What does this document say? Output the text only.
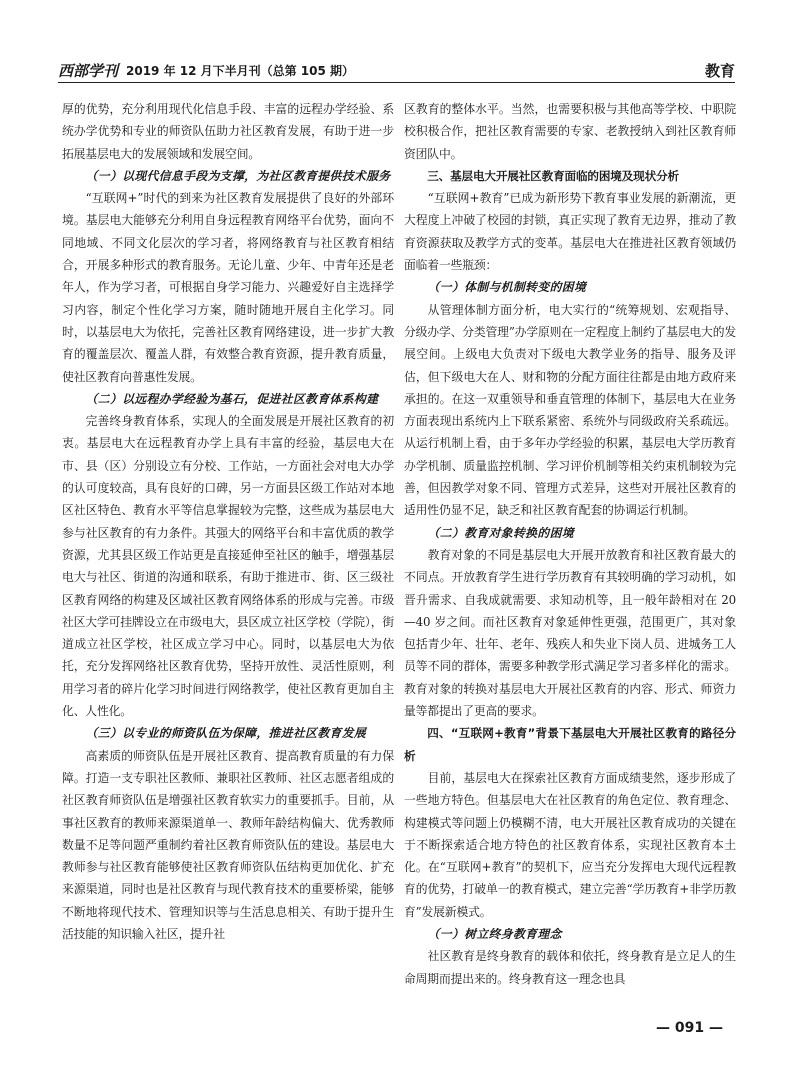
西部学刊 2019 年 12 月下半月刊（总第 105 期）	教育

厚的优势，充分利用现代化信息手段、丰富的远程办学经验、系统办学优势和专业的师资队伍助力社区教育发展，有助于进一步拓展基层电大的发展领域和发展空间。

（一）以现代信息手段为支撑，为社区教育提供技术服务

“互联网+”时代的到来为社区教育发展提供了良好的外部环境。基层电大能够充分利用自身远程教育网络平台优势，面向不同地域、不同文化层次的学习者，将网络教育与社区教育相结合，开展多种形式的教育服务。无论儿童、少年、中青年还是老年人，作为学习者，可根据自身学习能力、兴趣爱好自主选择学习内容，制定个性化学习方案，随时随地开展自主化学习。同时，以基层电大为依托，完善社区教育网络建设，进一步扩大教育的覆盖层次、覆盖人群，有效整合教育资源，提升教育质量，使社区教育向普惠性发展。

（二）以远程办学经验为基石，促进社区教育体系构建

完善终身教育体系，实现人的全面发展是开展社区教育的初衷。基层电大在远程教育办学上具有丰富的经验，基层电大在市、县（区）分别设立有分校、工作站，一方面社会对电大办学的认可度较高，具有良好的口碑，另一方面县区级工作站对本地区社区特色、教育水平等信息掌握较为完整，这些成为基层电大参与社区教育的有力条件。其强大的网络平台和丰富优质的教学资源，尤其县区级工作站更是直接延伸至社区的触手，增强基层电大与社区、街道的沟通和联系，有助于推进市、街、区三级社区教育网络的构建及区域社区教育网络体系的形成与完善。市级社区大学可挂牌设立在市级电大，县区成立社区学校（学院），街道成立社区学校，社区成立学习中心。同时，以基层电大为依托，充分发挥网络社区教育优势，坚持开放性、灵活性原则，利用学习者的碎片化学习时间进行网络教学，使社区教育更加自主化、人性化。

（三）以专业的师资队伍为保障，推进社区教育发展

高素质的师资队伍是开展社区教育、提高教育质量的有力保障。打造一支专职社区教师、兼职社区教师、社区志愿者组成的社区教育师资队伍是增强社区教育软实力的重要抓手。目前，从事社区教育的教师来源渠道单一、教师年龄结构偏大、优秀教师数量不足等问题严重制约着社区教育师资队伍的建设。基层电大教师参与社区教育能够使社区教育师资队伍结构更加优化、扩充来源渠道，同时也是社区教育与现代教育技术的重要桥梁，能够不断地将现代技术、管理知识等与生活息息相关、有助于提升生活技能的知识输入社区，提升社

区教育的整体水平。当然，也需要积极与其他高等学校、中职院校积极合作，把社区教育需要的专家、老教授纳入到社区教育师资团队中。

三、基层电大开展社区教育面临的困境及现状分析

“互联网+教育”已成为新形势下教育事业发展的新潮流，更大程度上冲破了校园的封锁，真正实现了教育无边界，推动了教育资源获取及教学方式的变革。基层电大在推进社区教育领域仍面临着一些瓶颈：

（一）体制与机制转变的困境

从管理体制方面分析，电大实行的“统筹规划、宏观指导、分级办学、分类管理”办学原则在一定程度上制约了基层电大的发展空间。上级电大负责对下级电大教学业务的指导、服务及评估，但下级电大在人、财和物的分配方面往往都是由地方政府来承担的。在这一双重领导和垂直管理的体制下，基层电大在业务方面表现出系统内上下联系紧密、系统外与同级政府关系疏远。从运行机制上看，由于多年办学经验的积累，基层电大学历教育办学机制、质量监控机制、学习评价机制等相关约束机制较为完善，但因教学对象不同、管理方式差异，这些对开展社区教育的适用性仍显不足，缺乏和社区教育配套的协调运行机制。

（二）教育对象转换的困境

教育对象的不同是基层电大开展开放教育和社区教育最大的不同点。开放教育学生进行学历教育有其较明确的学习动机，如晋升需求、自我成就需要、求知动机等，且一般年龄相对在 20—40 岁之间。而社区教育对象延伸性更强，范围更广，其对象包括青少年、壮年、老年、残疾人和失业下岗人员、进城务工人员等不同的群体，需要多种教学形式满足学习者多样化的需求。教育对象的转换对基层电大开展社区教育的内容、形式、师资力量等都提出了更高的要求。

四、“互联网+教育”背景下基层电大开展社区教育的路径分析

目前，基层电大在探索社区教育方面成绩斐然，逐步形成了一些地方特色。但基层电大在社区教育的角色定位、教育理念、构建模式等问题上仍模糊不清，电大开展社区教育成功的关键在于不断探索适合地方特色的社区教育体系，实现社区教育本土化。在“互联网+教育”的契机下，应当充分发挥电大现代远程教育的优势，打破单一的教育模式，建立完善“学历教育+非学历教育”发展新模式。

（一）树立终身教育理念

社区教育是终身教育的载体和依托，终身教育是立足人的生命周期而提出来的。终身教育这一理念也具

— 091 —
